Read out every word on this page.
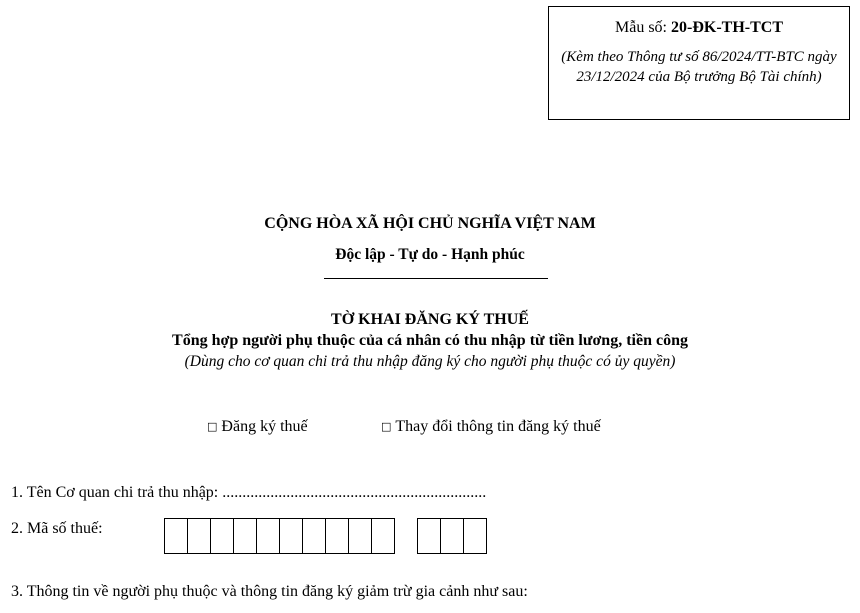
Mẫu số: 20-ĐK-TH-TCT
(Kèm theo Thông tư số 86/2024/TT-BTC ngày 23/12/2024 của Bộ trưởng Bộ Tài chính)
CỘNG HÒA XÃ HỘI CHỦ NGHĨA VIỆT NAM
Độc lập - Tự do - Hạnh phúc
TỜ KHAI ĐĂNG KÝ THUẾ
Tổng hợp người phụ thuộc của cá nhân có thu nhập từ tiền lương, tiền công
(Dùng cho cơ quan chi trả thu nhập đăng ký cho người phụ thuộc có ủy quyền)
□ Đăng ký thuế	□ Thay đổi thông tin đăng ký thuế
1. Tên Cơ quan chi trả thu nhập: ..................................................................
2. Mã số thuế:
3. Thông tin về người phụ thuộc và thông tin đăng ký giảm trừ gia cảnh như sau:
